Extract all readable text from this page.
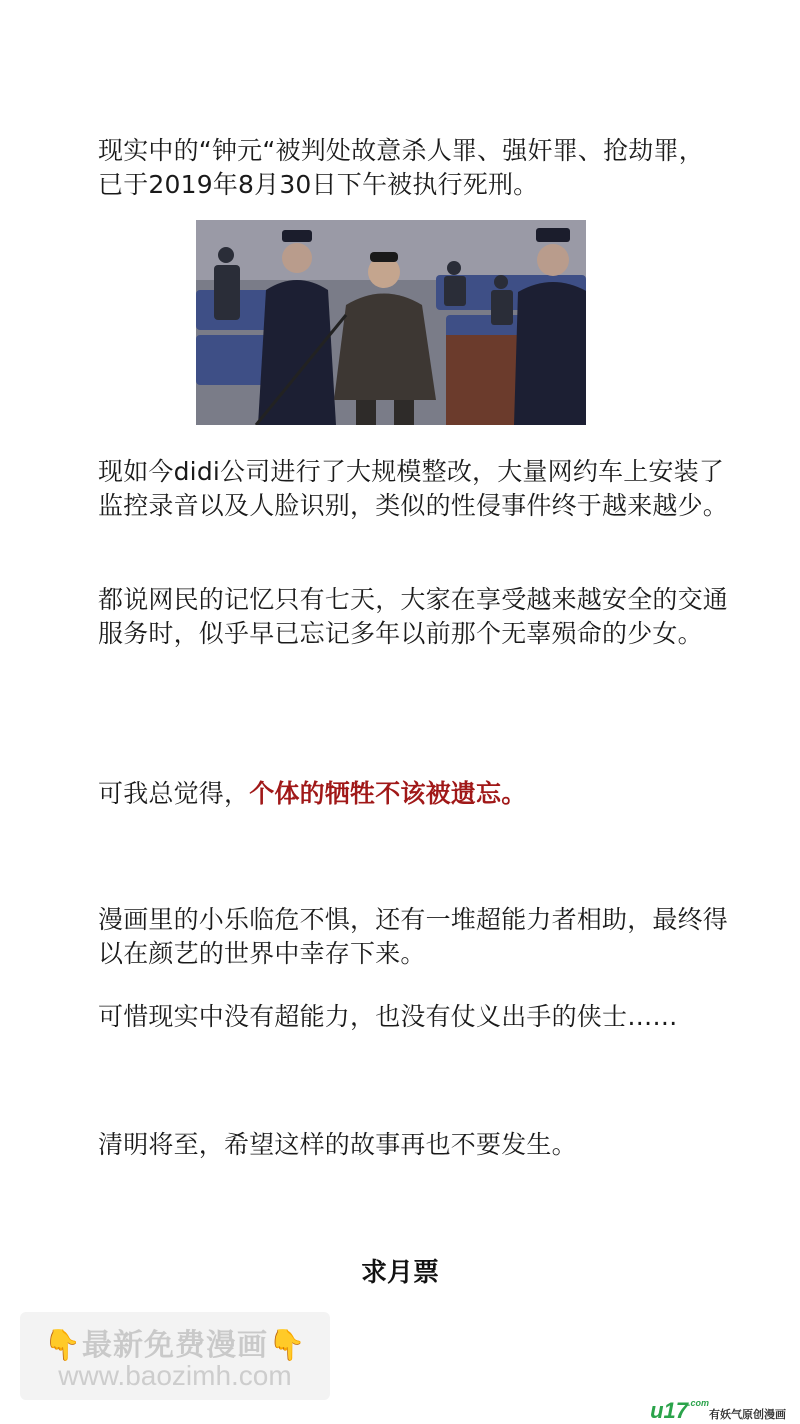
现实中的“钟元“被判处故意杀人罪、强奸罪、抢劫罪，已于2019年8月30日下午被执行死刑。

现如今didi公司进行了大规模整改，大量网约车上安装了监控录音以及人脸识别，类似的性侵事件终于越来越少。

都说网民的记忆只有七天，大家在享受越来越安全的交通服务时，似乎早已忘记多年以前那个无辜殒命的少女。

可我总觉得，个体的牺牲不该被遗忘。

漫画里的小乐临危不惧，还有一堆超能力者相助，最终得以在颜艺的世界中幸存下来。

可惜现实中没有超能力，也没有仗义出手的侠士……

清明将至，希望这样的故事再也不要发生。

求月票
👇最新免费漫画👇
www.baozimh.com
$u17^{.com}$有妖气原创漫画
